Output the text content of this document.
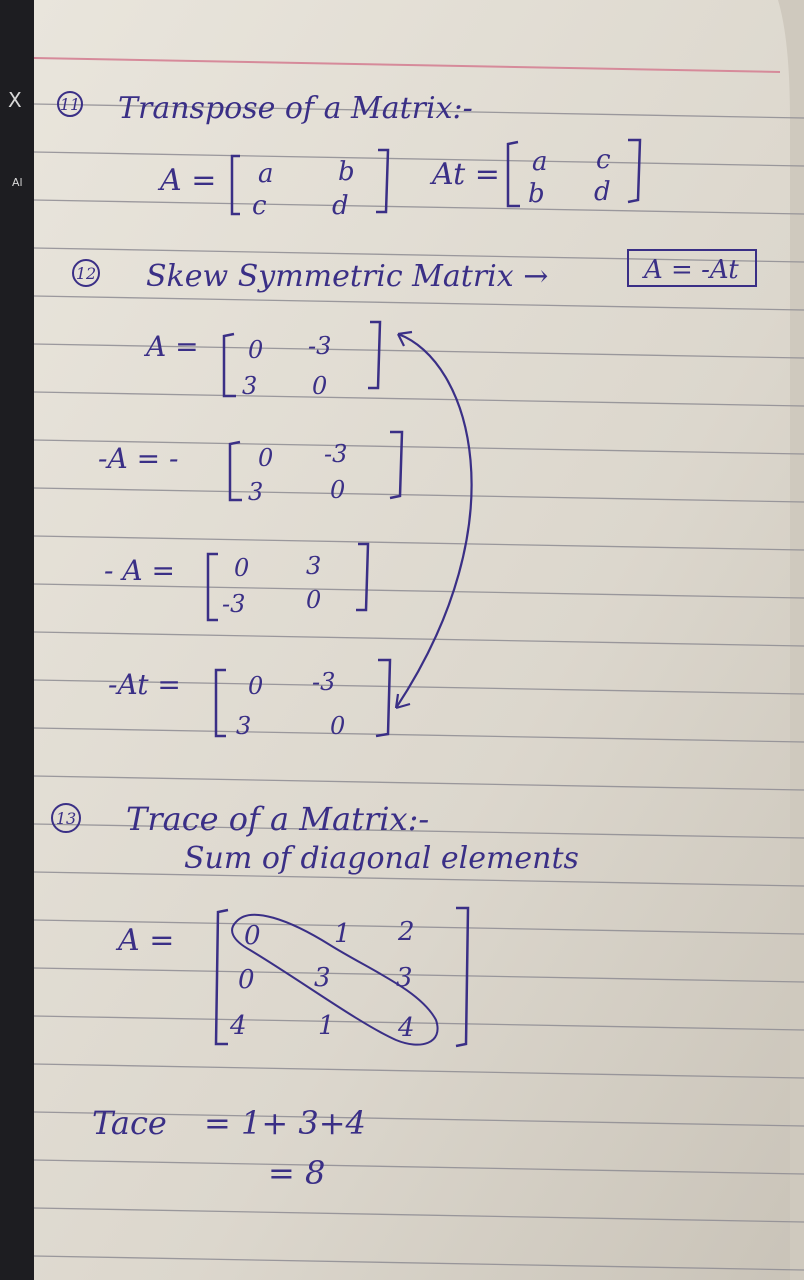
X
Al
11 Transpose of a Matrix:-
A = a b
c	d
At = a c
b d
12 Skew Symmetric Matrix →	A = -At
A = 0 -3
3 0
-A = -	0 -3
3	0
- A = 0 3
-3	0
-At =	0 -3
3	0
13 Trace of a Matrix:-
Sum of diagonal elements
A =	0	1 2
0 3	3
4	1 4
Tace = 1+ 3+4
= 8
